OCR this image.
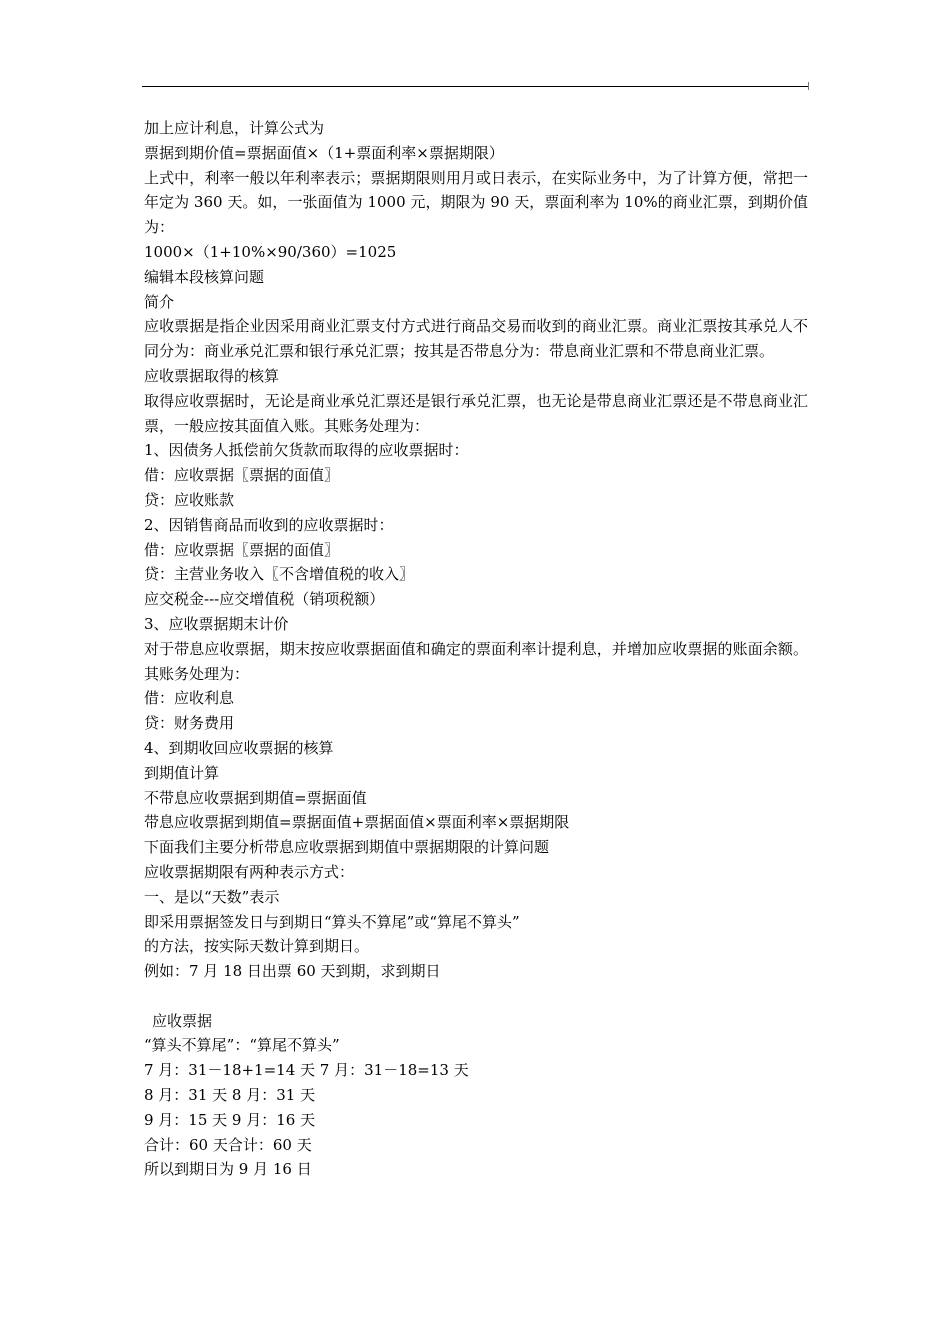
加上应计利息，计算公式为

票据到期价值=票据面值×（1+票面利率×票据期限）

上式中，利率一般以年利率表示；票据期限则用月或日表示，在实际业务中，为了计算方便，常把一年定为 360 天。如，一张面值为 1000 元，期限为 90 天，票面利率为 10%的商业汇票，到期价值为：

1000×（1+10%×90/360）=1025

编辑本段核算问题

简介

应收票据是指企业因采用商业汇票支付方式进行商品交易而收到的商业汇票。商业汇票按其承兑人不同分为：商业承兑汇票和银行承兑汇票；按其是否带息分为：带息商业汇票和不带息商业汇票。

应收票据取得的核算

取得应收票据时，无论是商业承兑汇票还是银行承兑汇票，也无论是带息商业汇票还是不带息商业汇票，一般应按其面值入账。其账务处理为：

1、因债务人抵偿前欠货款而取得的应收票据时：

借：应收票据〖票据的面值〗

贷：应收账款

2、因销售商品而收到的应收票据时：

借：应收票据〖票据的面值〗

贷：主营业务收入〖不含增值税的收入〗

应交税金---应交增值税（销项税额）

3、应收票据期末计价

对于带息应收票据，期末按应收票据面值和确定的票面利率计提利息，并增加应收票据的账面余额。其账务处理为：

借：应收利息

贷：财务费用

4、到期收回应收票据的核算

到期值计算

不带息应收票据到期值=票据面值

带息应收票据到期值=票据面值+票据面值×票面利率×票据期限

下面我们主要分析带息应收票据到期值中票据期限的计算问题

应收票据期限有两种表示方式：

一、是以“天数”表示

即采用票据签发日与到期日“算头不算尾”或“算尾不算头”

的方法，按实际天数计算到期日。

例如：7 月 18 日出票 60 天到期，求到期日

应收票据

“算头不算尾”：“算尾不算头”

7 月：31－18+1=14 天 7 月：31－18=13 天

8 月：31 天 8 月：31 天

9 月：15 天 9 月：16 天

合计：60 天合计：60 天

所以到期日为 9 月 16 日
